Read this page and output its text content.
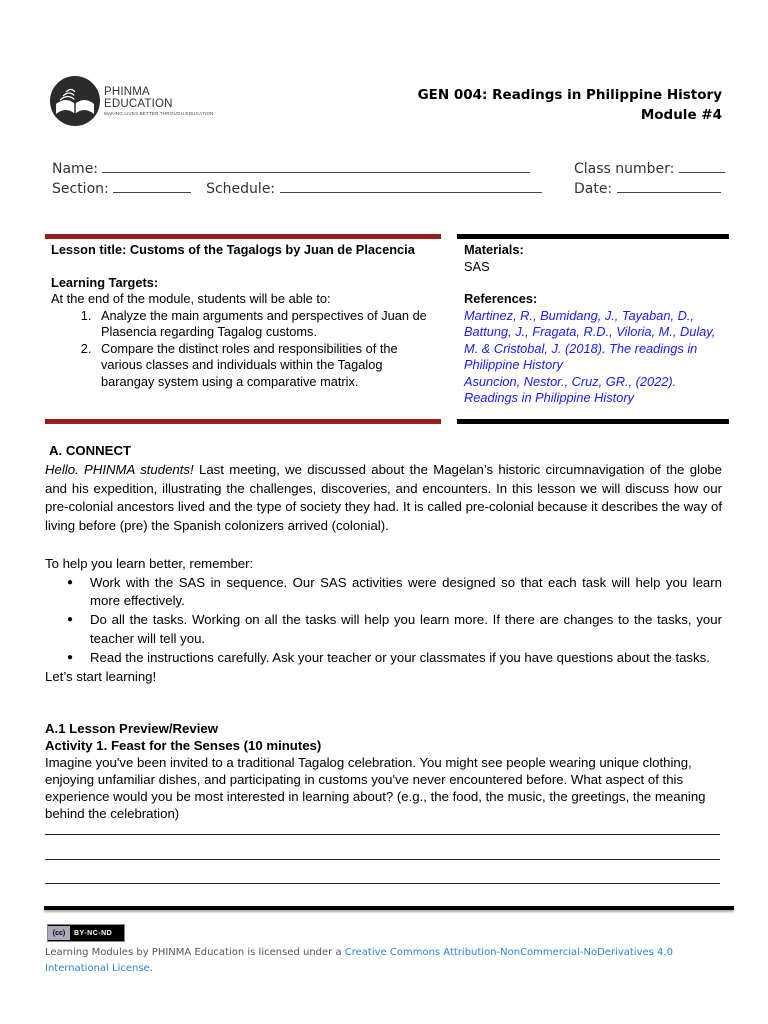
PHINMA EDUCATION
MAKING LIVES BETTER THROUGH EDUCATION
GEN 004: Readings in Philippine History
Module #4
Name:
Section:	Schedule:
Class number:
Date:
Lesson title: Customs of the Tagalogs by Juan de Placencia
Learning Targets:
At the end of the module, students will be able to:
1. Analyze the main arguments and perspectives of Juan de Plasencia regarding Tagalog customs.
2. Compare the distinct roles and responsibilities of the various classes and individuals within the Tagalog barangay system using a comparative matrix.
Materials:
SAS
References:
Martinez, R., Bumidang, J., Tayaban, D., Battung, J., Fragata, R.D., Viloria, M., Dulay, M. & Cristobal, J. (2018). The readings in Philippine History
Asuncion, Nestor., Cruz, GR., (2022). Readings in Philippine History
A. CONNECT
Hello. PHINMA students! Last meeting, we discussed about the Magelan’s historic circumnavigation of the globe and his expedition, illustrating the challenges, discoveries, and encounters. In this lesson we will discuss how our pre-colonial ancestors lived and the type of society they had. It is called pre-colonial because it describes the way of living before (pre) the Spanish colonizers arrived (colonial).
To help you learn better, remember:
● Work with the SAS in sequence. Our SAS activities were designed so that each task will help you learn more effectively.
● Do all the tasks. Working on all the tasks will help you learn more. If there are changes to the tasks, your teacher will tell you.
● Read the instructions carefully. Ask your teacher or your classmates if you have questions about the tasks.
Let’s start learning!
A.1 Lesson Preview/Review
Activity 1. Feast for the Senses (10 minutes)
Imagine you've been invited to a traditional Tagalog celebration. You might see people wearing unique clothing, enjoying unfamiliar dishes, and participating in customs you've never encountered before. What aspect of this experience would you be most interested in learning about? (e.g., the food, the music, the greetings, the meaning behind the celebration)
(cc)	BY-NC-ND
Learning Modules by PHINMA Education is licensed under a Creative Commons Attribution-NonCommercial-NoDerivatives 4.0 International License.
